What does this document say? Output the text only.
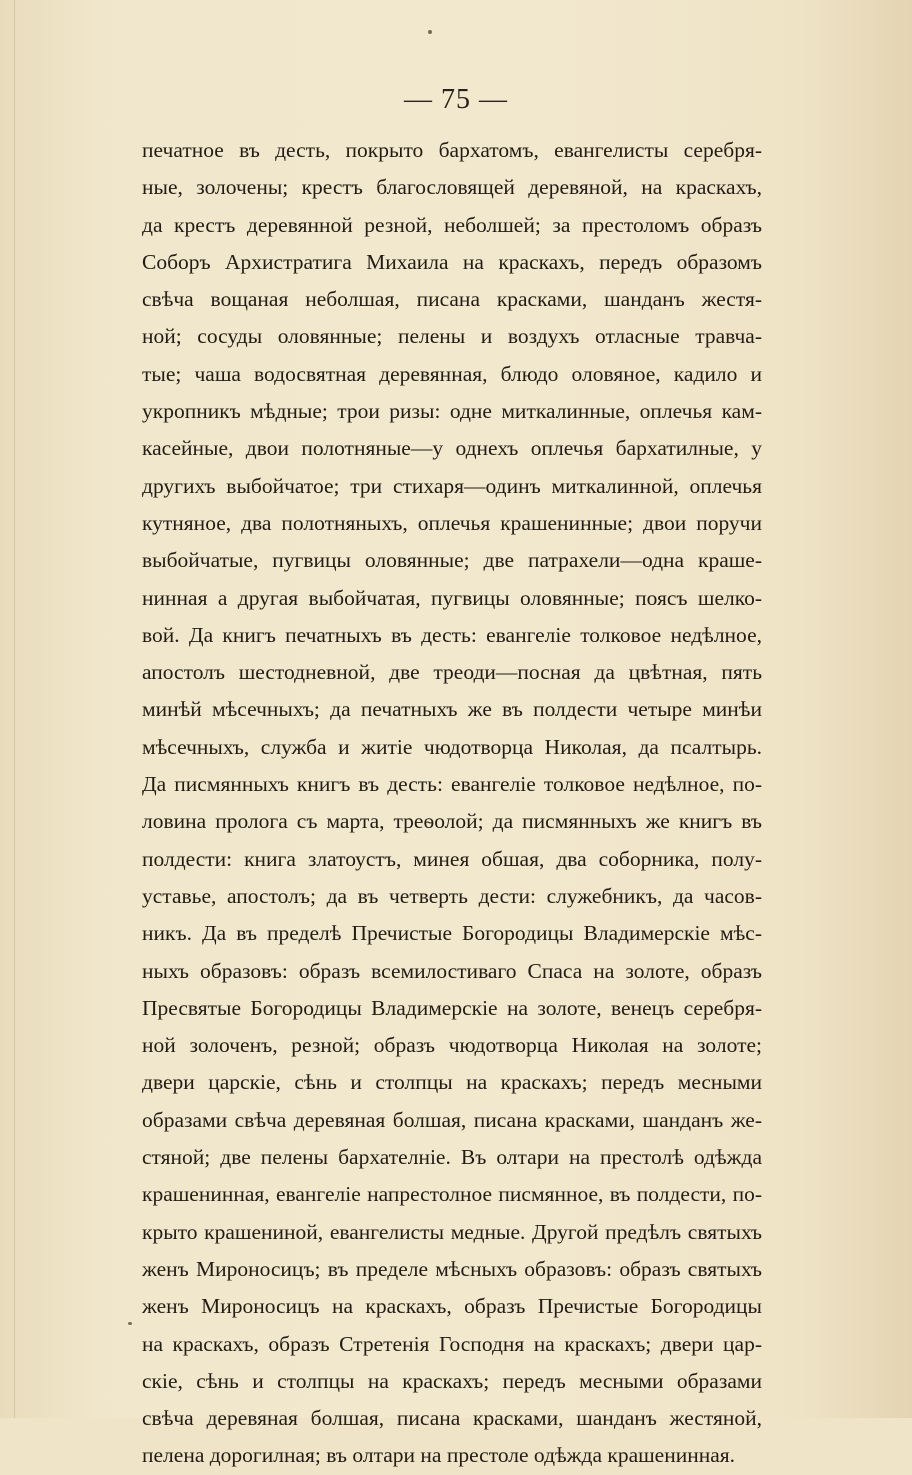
— 75 —
печатное въ десть, покрыто бархатомъ, евангелисты серебря-
ные, золочены; крестъ благословящей деревяной, на краскахъ,
да крестъ деревянной резной, неболшей; за престоломъ образъ
Соборъ Архистратига Михаила на краскахъ, передъ образомъ
свѣча вощаная неболшая, писана красками, шанданъ жестя-
ной; сосуды оловянные; пелены и воздухъ отласные травча-
тые; чаша водосвятная деревянная, блюдо оловяное, кадило и
укропникъ мѣдные; трои ризы: одне миткалинные, оплечья кам-
касейные, двои полотняные—у однехъ оплечья бархатилные, у
другихъ выбойчатое; три стихаря—одинъ миткалинной, оплечья
кутняное, два полотняныхъ, оплечья крашенинные; двои поручи
выбойчатые, пугвицы оловянные; две патрахели—одна краше-
нинная а другая выбойчатая, пугвицы оловянные; поясъ шелко-
вой. Да книгъ печатныхъ въ десть: евангеліе толковое недѣлное,
апостолъ шестодневной, две треоди—посная да цвѣтная, пять
минѣй мѣсечныхъ; да печатныхъ же въ полдести четыре минѣи
мѣсечныхъ, служба и житіе чюдотворца Николая, да псалтырь.
Да писмянныхъ книгъ въ десть: евангеліе толковое недѣлное, по-
ловина пролога съ марта, треѳолой; да писмянныхъ же книгъ въ
полдести: книга златоустъ, минея обшая, два соборника, полу-
уставье, апостолъ; да въ четверть дести: служебникъ, да часов-
никъ. Да въ пределѣ Пречистые Богородицы Владимерскіе мѣс-
ныхъ образовъ: образъ всемилостиваго Спаса на золоте, образъ
Пресвятые Богородицы Владимерскіе на золоте, венецъ серебря-
ной золоченъ, резной; образъ чюдотворца Николая на золоте;
двери царскіе, сѣнь и столпцы на краскахъ; передъ месными
образами свѣча деревяная болшая, писана красками, шанданъ же-
стяной; две пелены бархателніе. Въ олтари на престолѣ одѣжда
крашенинная, евангеліе напрестолное писмянное, въ полдести, по-
крыто крашениной, евангелисты медные. Другой предѣлъ святыхъ
женъ Мироносицъ; въ пределе мѣсныхъ образовъ: образъ святыхъ
женъ Мироносицъ на краскахъ, образъ Пречистые Богородицы
на краскахъ, образъ Стретенія Господня на краскахъ; двери цар-
скіе, сѣнь и столпцы на краскахъ; передъ месными образами
свѣча деревяная болшая, писана красками, шанданъ жестяной,
пелена дорогилная; въ олтари на престоле одѣжда крашенинная.
